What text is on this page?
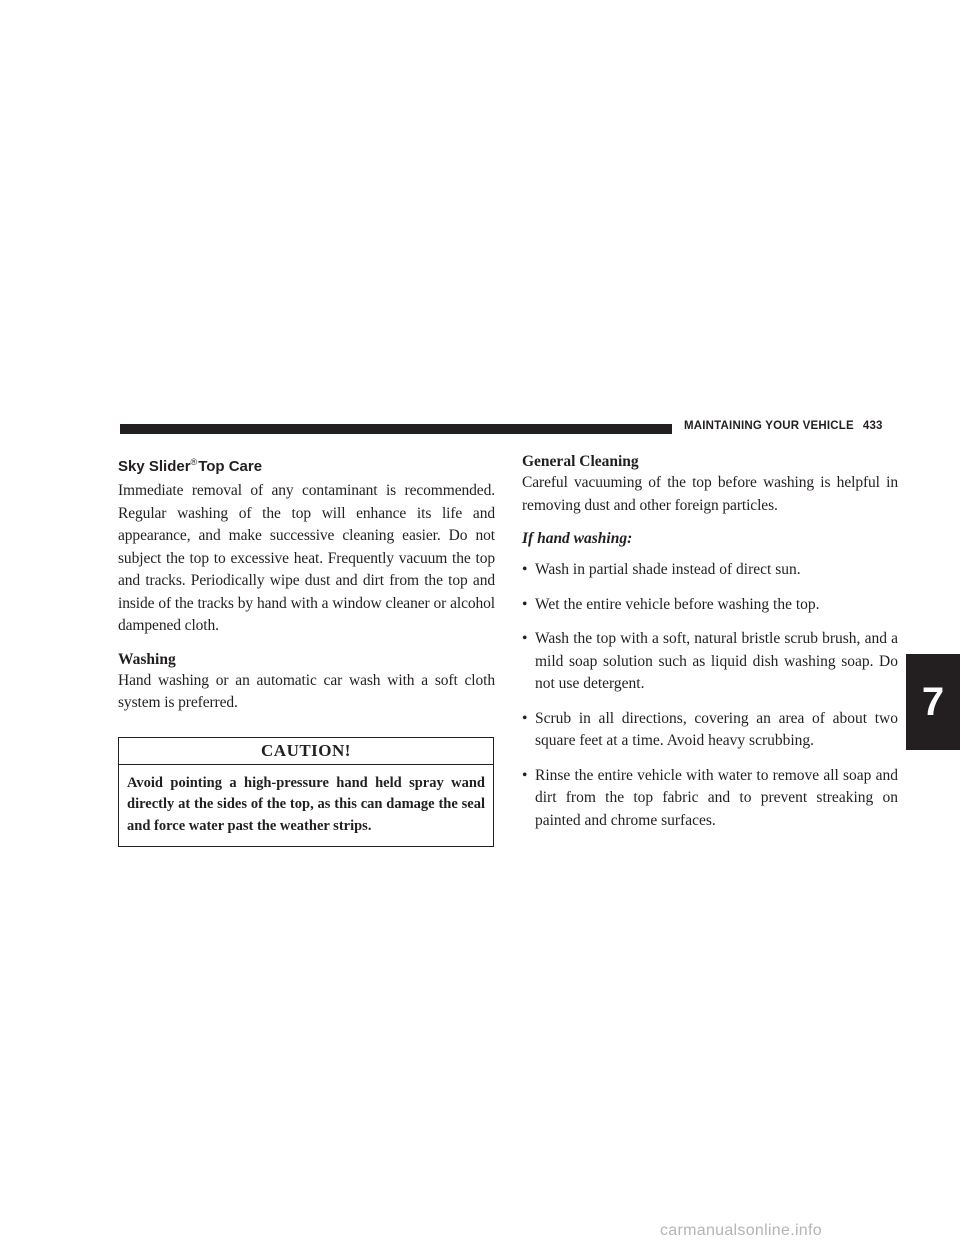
MAINTAINING YOUR VEHICLE 433
Sky Slider®Top Care

Immediate removal of any contaminant is recommended. Regular washing of the top will enhance its life and appearance, and make successive cleaning easier. Do not subject the top to excessive heat. Frequently vacuum the top and tracks. Periodically wipe dust and dirt from the top and inside of the tracks by hand with a window cleaner or alcohol dampened cloth.

Washing

Hand washing or an automatic car wash with a soft cloth system is preferred.

CAUTION!
Avoid pointing a high-pressure hand held spray wand directly at the sides of the top, as this can damage the seal and force water past the weather strips.
General Cleaning

Careful vacuuming of the top before washing is helpful in removing dust and other foreign particles.

If hand washing:
• Wash in partial shade instead of direct sun.
• Wet the entire vehicle before washing the top.
• Wash the top with a soft, natural bristle scrub brush, and a mild soap solution such as liquid dish washing soap. Do not use detergent.
• Scrub in all directions, covering an area of about two square feet at a time. Avoid heavy scrubbing.
• Rinse the entire vehicle with water to remove all soap and dirt from the top fabric and to prevent streaking on painted and chrome surfaces.
7
carmanualsonline.info
